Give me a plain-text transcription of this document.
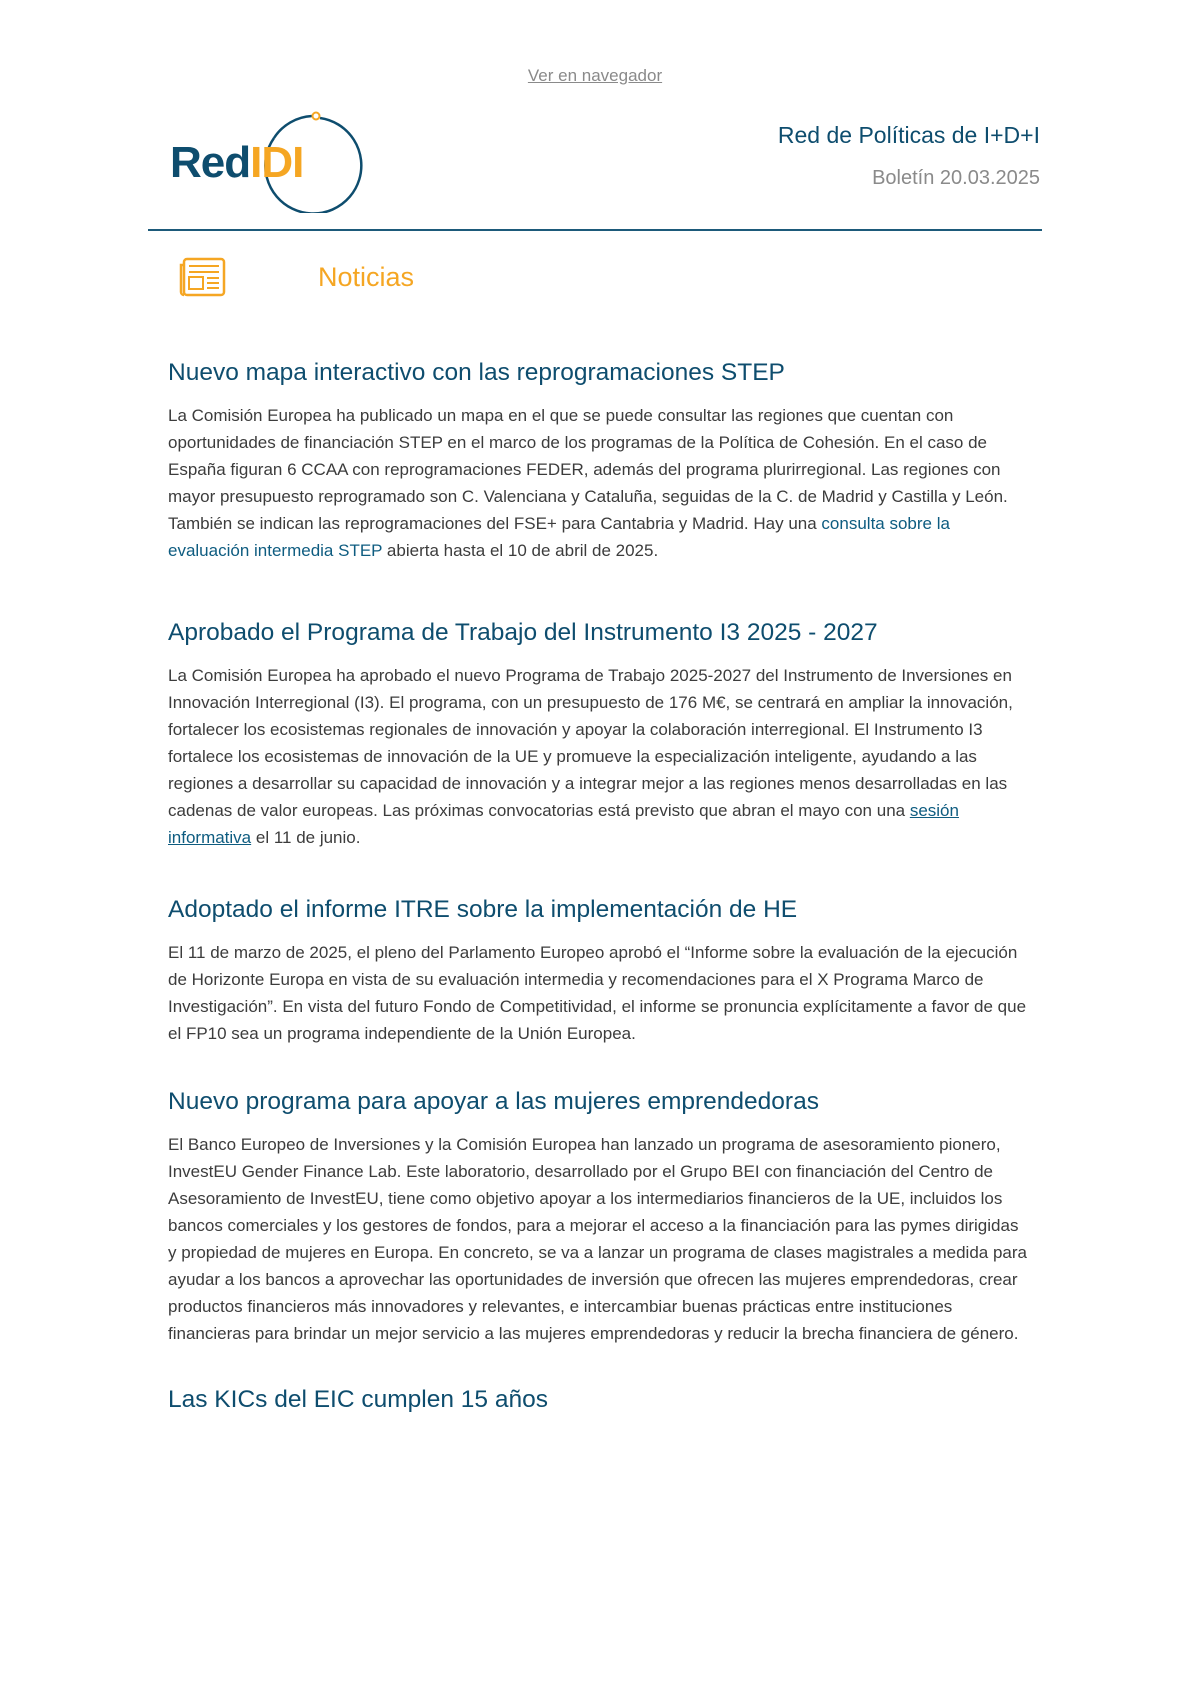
Ver en navegador
RedIDI
Red de Políticas de I+D+I
Boletín 20.03.2025
Noticias
Nuevo mapa interactivo con las reprogramaciones STEP

La Comisión Europea ha publicado un mapa en el que se puede consultar las regiones que cuentan con oportunidades de financiación STEP en el marco de los programas de la Política de Cohesión. En el caso de España figuran 6 CCAA con reprogramaciones FEDER, además del programa plurirregional. Las regiones con mayor presupuesto reprogramado son C. Valenciana y Cataluña, seguidas de la C. de Madrid y Castilla y León. También se indican las reprogramaciones del FSE+ para Cantabria y Madrid. Hay una consulta sobre la evaluación intermedia STEP abierta hasta el 10 de abril de 2025.

Aprobado el Programa de Trabajo del Instrumento I3 2025 - 2027

La Comisión Europea ha aprobado el nuevo Programa de Trabajo 2025-2027 del Instrumento de Inversiones en Innovación Interregional (I3). El programa, con un presupuesto de 176 M€, se centrará en ampliar la innovación, fortalecer los ecosistemas regionales de innovación y apoyar la colaboración interregional. El Instrumento I3 fortalece los ecosistemas de innovación de la UE y promueve la especialización inteligente, ayudando a las regiones a desarrollar su capacidad de innovación y a integrar mejor a las regiones menos desarrolladas en las cadenas de valor europeas. Las próximas convocatorias está previsto que abran el mayo con una sesión informativa el 11 de junio.

Adoptado el informe ITRE sobre la implementación de HE

El 11 de marzo de 2025, el pleno del Parlamento Europeo aprobó el “Informe sobre la evaluación de la ejecución de Horizonte Europa en vista de su evaluación intermedia y recomendaciones para el X Programa Marco de Investigación”. En vista del futuro Fondo de Competitividad, el informe se pronuncia explícitamente a favor de que el FP10 sea un programa independiente de la Unión Europea.

Nuevo programa para apoyar a las mujeres emprendedoras

El Banco Europeo de Inversiones y la Comisión Europea han lanzado un programa de asesoramiento pionero, InvestEU Gender Finance Lab. Este laboratorio, desarrollado por el Grupo BEI con financiación del Centro de Asesoramiento de InvestEU, tiene como objetivo apoyar a los intermediarios financieros de la UE, incluidos los bancos comerciales y los gestores de fondos, para a mejorar el acceso a la financiación para las pymes dirigidas y propiedad de mujeres en Europa. En concreto, se va a lanzar un programa de clases magistrales a medida para ayudar a los bancos a aprovechar las oportunidades de inversión que ofrecen las mujeres emprendedoras, crear productos financieros más innovadores y relevantes, e intercambiar buenas prácticas entre instituciones financieras para brindar un mejor servicio a las mujeres emprendedoras y reducir la brecha financiera de género.

Las KICs del EIC cumplen 15 años
